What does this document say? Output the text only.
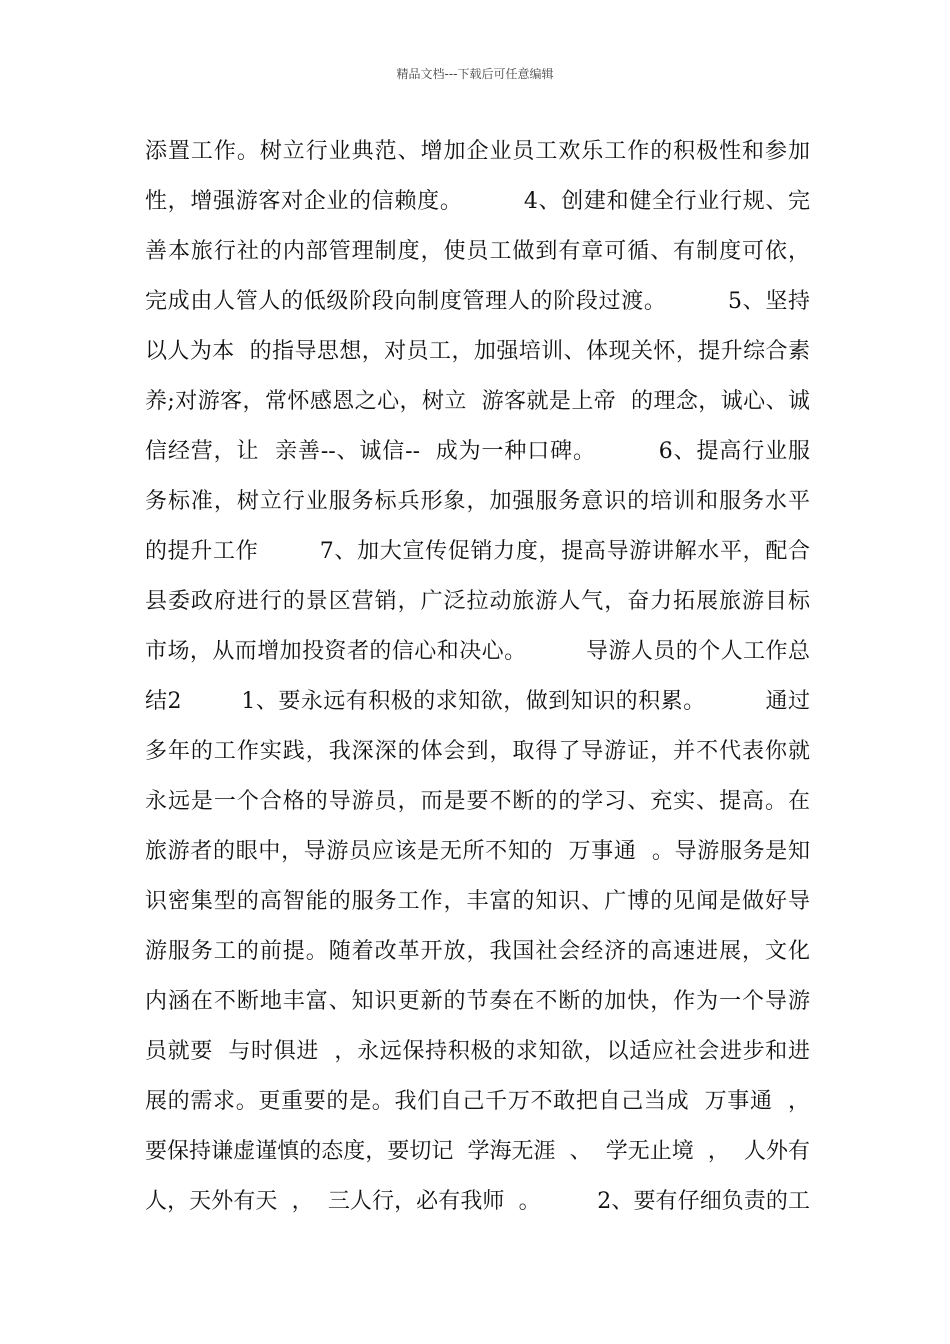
精品文档---下载后可任意编辑
添置工作。树立行业典范、增加企业员工欢乐工作的积极性和参加
性，增强游客对企业的信赖度。        4、创建和健全行业行规、完
善本旅行社的内部管理制度，使员工做到有章可循、有制度可依，
完成由人管人的低级阶段向制度管理人的阶段过渡。        5、坚持
以人为本  的指导思想，对员工，加强培训、体现关怀，提升综合素
养;对游客，常怀感恩之心，树立  游客就是上帝  的理念，诚心、诚
信经营，让  亲善--、诚信--  成为一种口碑。        6、提高行业服
务标准，树立行业服务标兵形象，加强服务意识的培训和服务水平
的提升工作        7、加大宣传促销力度，提高导游讲解水平，配合
县委政府进行的景区营销，广泛拉动旅游人气，奋力拓展旅游目标
市场，从而增加投资者的信心和决心。        导游人员的个人工作总
结2        1、要永远有积极的求知欲，做到知识的积累。        通过
多年的工作实践，我深深的体会到，取得了导游证，并不代表你就
永远是一个合格的导游员，而是要不断的的学习、充实、提高。在
旅游者的眼中，导游员应该是无所不知的  万事通  。导游服务是知
识密集型的高智能的服务工作，丰富的知识、广博的见闻是做好导
游服务工的前提。随着改革开放，我国社会经济的高速进展，文化
内涵在不断地丰富、知识更新的节奏在不断的加快，作为一个导游
员就要  与时俱进  ，永远保持积极的求知欲，以适应社会进步和进
展的需求。更重要的是。我们自己千万不敢把自己当成  万事通  ，
要保持谦虚谨慎的态度，要切记  学海无涯  、  学无止境  ，  人外有
人，天外有天  ，  三人行，必有我师  。        2、要有仔细负责的工
